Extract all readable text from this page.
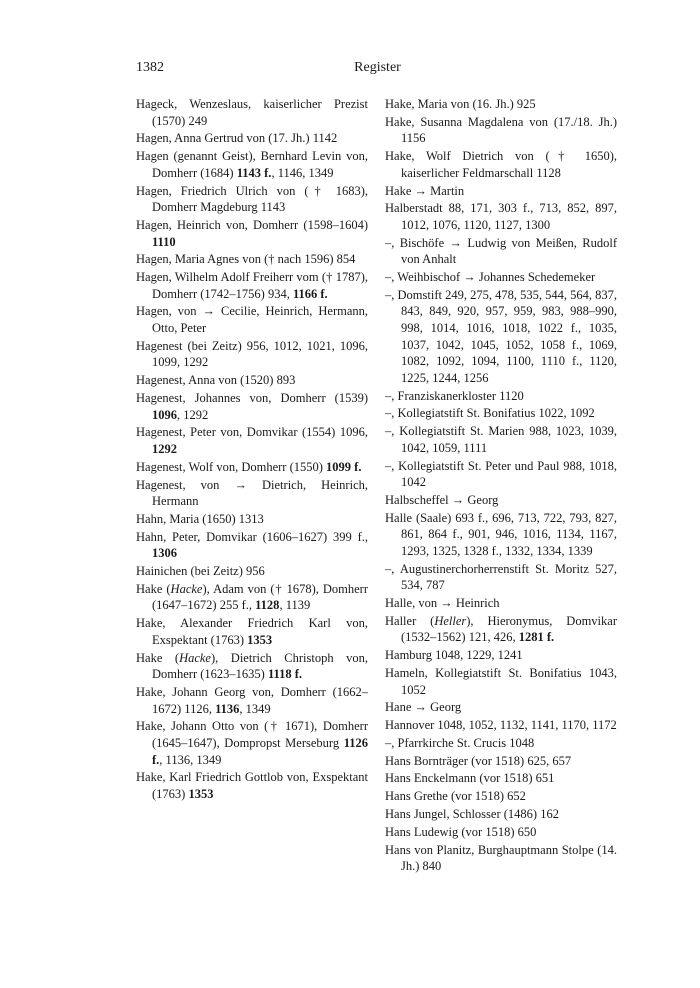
1382	Register

Hageck, Wenzeslaus, kaiserlicher Prezist (1570) 249

Hagen, Anna Gertrud von (17. Jh.) 1142

Hagen (genannt Geist), Bernhard Levin von, Domherr (1684) 1143 f., 1146, 1349

Hagen, Friedrich Ulrich von († 1683), Domherr Magdeburg 1143

Hagen, Heinrich von, Domherr (1598–1604) 1110

Hagen, Maria Agnes von († nach 1596) 854

Hagen, Wilhelm Adolf Freiherr vom († 1787), Domherr (1742–1756) 934, 1166 f.

Hagen, von → Cecilie, Heinrich, Hermann, Otto, Peter

Hagenest (bei Zeitz) 956, 1012, 1021, 1096, 1099, 1292

Hagenest, Anna von (1520) 893

Hagenest, Johannes von, Domherr (1539) 1096, 1292

Hagenest, Peter von, Domvikar (1554) 1096, 1292

Hagenest, Wolf von, Domherr (1550) 1099 f.

Hagenest, von → Dietrich, Heinrich, Hermann

Hahn, Maria (1650) 1313

Hahn, Peter, Domvikar (1606–1627) 399 f., 1306

Hainichen (bei Zeitz) 956

Hake (Hacke), Adam von († 1678), Domherr (1647–1672) 255 f., 1128, 1139

Hake, Alexander Friedrich Karl von, Exspektant (1763) 1353

Hake (Hacke), Dietrich Christoph von, Domherr (1623–1635) 1118 f.

Hake, Johann Georg von, Domherr (1662–1672) 1126, 1136, 1349

Hake, Johann Otto von († 1671), Domherr (1645–1647), Dompropst Merseburg 1126 f., 1136, 1349

Hake, Karl Friedrich Gottlob von, Exspektant (1763) 1353

Hake, Maria von (16. Jh.) 925

Hake, Susanna Magdalena von (17./18. Jh.) 1156

Hake, Wolf Dietrich von († 1650), kaiserlicher Feldmarschall 1128

Hake → Martin

Halberstadt 88, 171, 303 f., 713, 852, 897, 1012, 1076, 1120, 1127, 1300

–, Bischöfe → Ludwig von Meißen, Rudolf von Anhalt

–, Weihbischof → Johannes Schedemeker

–, Domstift 249, 275, 478, 535, 544, 564, 837, 843, 849, 920, 957, 959, 983, 988–990, 998, 1014, 1016, 1018, 1022 f., 1035, 1037, 1042, 1045, 1052, 1058 f., 1069, 1082, 1092, 1094, 1100, 1110 f., 1120, 1225, 1244, 1256

–, Franziskanerkloster 1120

–, Kollegiatstift St. Bonifatius 1022, 1092

–, Kollegiatstift St. Marien 988, 1023, 1039, 1042, 1059, 1111

–, Kollegiatstift St. Peter und Paul 988, 1018, 1042

Halbscheffel → Georg

Halle (Saale) 693 f., 696, 713, 722, 793, 827, 861, 864 f., 901, 946, 1016, 1134, 1167, 1293, 1325, 1328 f., 1332, 1334, 1339

–, Augustinerchorherrenstift St. Moritz 527, 534, 787

Halle, von → Heinrich

Haller (Heller), Hieronymus, Domvikar (1532–1562) 121, 426, 1281 f.

Hamburg 1048, 1229, 1241

Hameln, Kollegiatstift St. Bonifatius 1043, 1052

Hane → Georg

Hannover 1048, 1052, 1132, 1141, 1170, 1172

–, Pfarrkirche St. Crucis 1048

Hans Bornträger (vor 1518) 625, 657

Hans Enckelmann (vor 1518) 651

Hans Grethe (vor 1518) 652

Hans Jungel, Schlosser (1486) 162

Hans Ludewig (vor 1518) 650

Hans von Planitz, Burghauptmann Stolpe (14. Jh.) 840
